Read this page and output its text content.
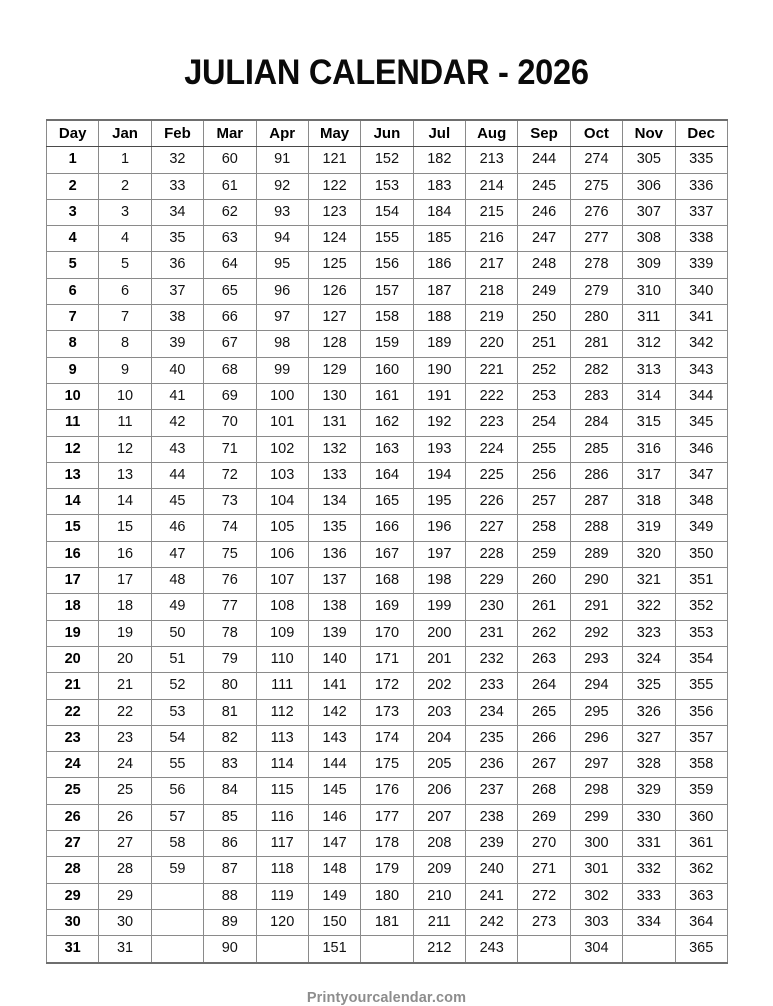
JULIAN CALENDAR - 2026
Day	Jan	Feb	Mar	Apr	May	Jun	Jul	Aug	Sep	Oct	Nov	Dec
1	1	32	60	91	121	152	182	213	244	274	305	335
2	2	33	61	92	122	153	183	214	245	275	306	336
3	3	34	62	93	123	154	184	215	246	276	307	337
4	4	35	63	94	124	155	185	216	247	277	308	338
5	5	36	64	95	125	156	186	217	248	278	309	339
6	6	37	65	96	126	157	187	218	249	279	310	340
7	7	38	66	97	127	158	188	219	250	280	311	341
8	8	39	67	98	128	159	189	220	251	281	312	342
9	9	40	68	99	129	160	190	221	252	282	313	343
10	10	41	69	100	130	161	191	222	253	283	314	344
11	11	42	70	101	131	162	192	223	254	284	315	345
12	12	43	71	102	132	163	193	224	255	285	316	346
13	13	44	72	103	133	164	194	225	256	286	317	347
14	14	45	73	104	134	165	195	226	257	287	318	348
15	15	46	74	105	135	166	196	227	258	288	319	349
16	16	47	75	106	136	167	197	228	259	289	320	350
17	17	48	76	107	137	168	198	229	260	290	321	351
18	18	49	77	108	138	169	199	230	261	291	322	352
19	19	50	78	109	139	170	200	231	262	292	323	353
20	20	51	79	110	140	171	201	232	263	293	324	354
21	21	52	80	111	141	172	202	233	264	294	325	355
22	22	53	81	112	142	173	203	234	265	295	326	356
23	23	54	82	113	143	174	204	235	266	296	327	357
24	24	55	83	114	144	175	205	236	267	297	328	358
25	25	56	84	115	145	176	206	237	268	298	329	359
26	26	57	85	116	146	177	207	238	269	299	330	360
27	27	58	86	117	147	178	208	239	270	300	331	361
28	28	59	87	118	148	179	209	240	271	301	332	362
29	29		88	119	149	180	210	241	272	302	333	363
30	30		89	120	150	181	211	242	273	303	334	364
31	31		90		151		212	243		304		365
Printyourcalendar.com
